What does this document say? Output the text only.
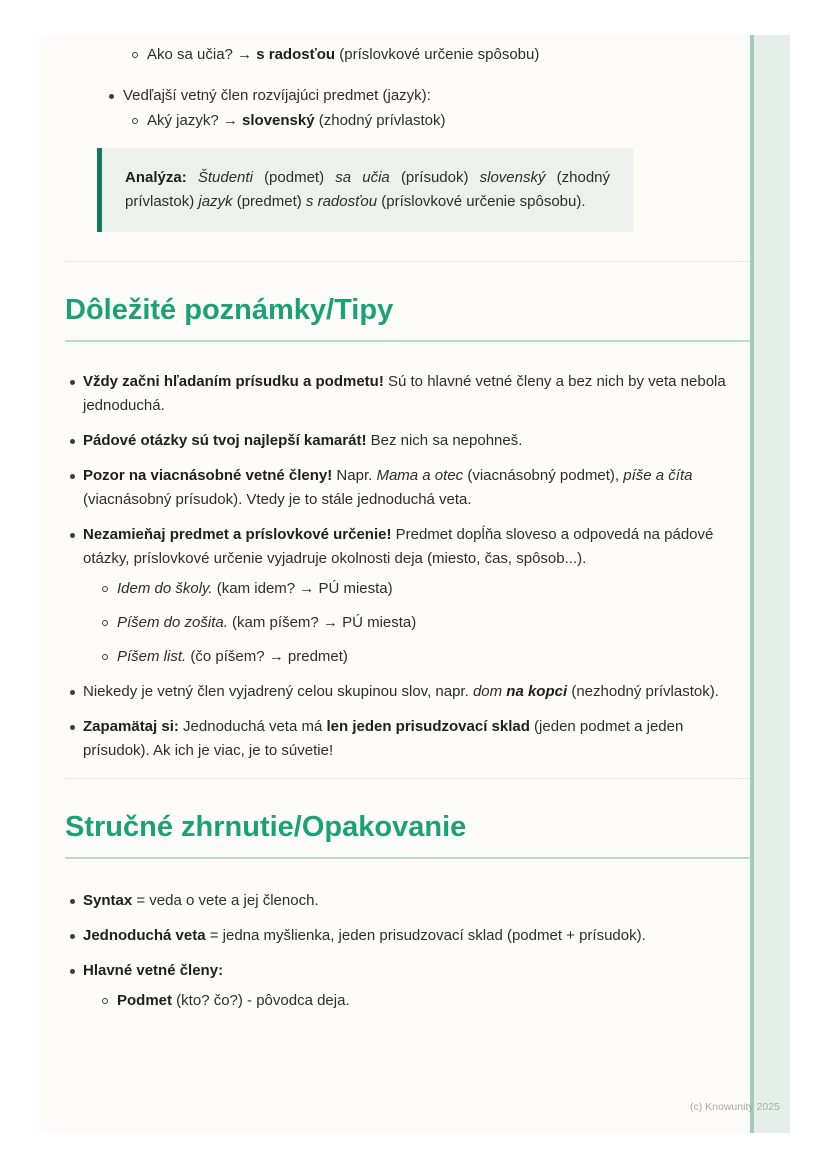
Ako sa učia? → s radosťou (príslovkové určenie spôsobu)
Vedľajší vetný člen rozvíjajúci predmet (jazyk):
Aký jazyk? → slovenský (zhodný prívlastok)

Analýza: Študenti (podmet) sa učia (prísudok) slovenský (zhodný prívlastok) jazyk (predmet) s radosťou (príslovkové určenie spôsobu).

Dôležité poznámky/Tipy
Vždy začni hľadaním prísudku a podmetu! Sú to hlavné vetné členy a bez nich by veta nebola jednoduchá.
Pádové otázky sú tvoj najlepší kamarát! Bez nich sa nepohneš.
Pozor na viacnásobné vetné členy! Napr. Mama a otec (viacnásobný podmet), píše a číta (viacnásobný prísudok). Vtedy je to stále jednoduchá veta.
Nezamieňaj predmet a príslovkové určenie! Predmet dopĺňa sloveso a odpovedá na pádové otázky, príslovkové určenie vyjadruje okolnosti deja (miesto, čas, spôsob...).
Idem do školy. (kam idem? → PÚ miesta)
Píšem do zošita. (kam píšem? → PÚ miesta)
Píšem list. (čo píšem? → predmet)
Niekedy je vetný člen vyjadrený celou skupinou slov, napr. dom na kopci (nezhodný prívlastok).
Zapamätaj si: Jednoduchá veta má len jeden prisudzovací sklad (jeden podmet a jeden prísudok). Ak ich je viac, je to súvetie!
Stručné zhrnutie/Opakovanie
Syntax = veda o vete a jej členoch.
Jednoduchá veta = jedna myšlienka, jeden prisudzovací sklad (podmet + prísudok).
Hlavné vetné členy:
Podmet (kto? čo?) - pôvodca deja.
(c) Knowunity 2025
